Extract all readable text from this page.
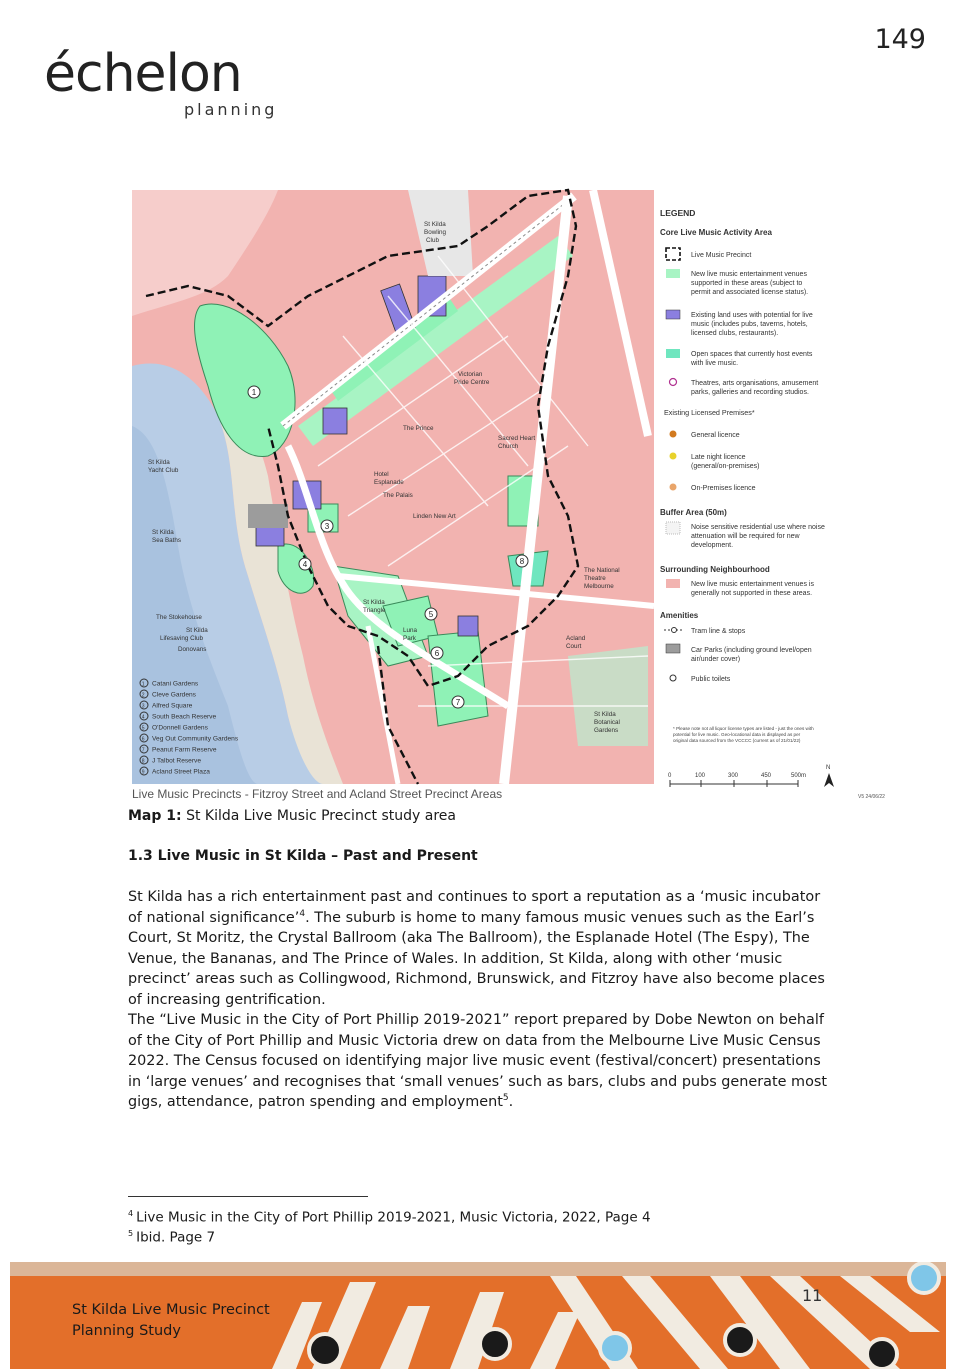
149
échelon
planning
1
3
4
5
6
7
8
St Kilda
Bowling
Club
St Kilda
Yacht Club
St Kilda
Sea Baths
The Stokehouse
St Kilda
Lifesaving Club
Donovans
The Prince
Victorian
Pride Centre
Sacred Heart
Church
Hotel
Esplanade
The Palais
Linden New Art
The National
Theatre
Melbourne
St Kilda
Triangle
Luna
Park	Acland
Court
St Kilda
Botanical
Gardens
1 Catani Gardens
2 Cleve Gardens
3 Alfred Square
4 South Beach Reserve
5 O'Donnell Gardens
6 Veg Out Community Gardens
7 Peanut Farm Reserve
8 J Talbot Reserve
9 Acland Street Plaza
Live Music Precincts - Fitzroy Street and Acland Street Precinct Areas	V5 24/06/22
LEGEND
Core Live Music Activity Area
Live Music Precinct
New live music entertainment venues
supported in these areas (subject to
permit and associated license status).
Existing land uses with potential for live
music (includes pubs, taverns, hotels,
licensed clubs, restaurants).
Open spaces that currently host events
with live music.
Theatres, arts organisations, amusement
parks, galleries and recording studios.
Existing Licensed Premises*
General licence
Late night licence
(general/on-premises)
On-Premises licence
Buffer Area (50m)
Noise sensitive residential use where noise
attenuation will be required for new
development.
Surrounding Neighbourhood
New live music entertainment venues is
generally not supported in these areas.
Amenities
Tram line & stops
Car Parks (including ground level/open
air/under cover)
Public toilets
* Please note not all liquor license types are listed - just the ones with
potential for live music. Geo-locational data is displayed as per
original data sourced from the VCCCC (current as of 21/01/22)
0	100	300	450	500m
N
Map 1: St Kilda Live Music Precinct study area
1.3 Live Music in St Kilda – Past and Present

St Kilda has a rich entertainment past and continues to sport a reputation as a ‘music incubator of national significance’$^4$. The suburb is home to many famous music venues such as the Earl’s Court, St Moritz, the Crystal Ballroom (aka The Ballroom), the Esplanade Hotel (The Espy), The Venue, the Bananas, and The Prince of Wales. In addition, St Kilda, along with other ‘music precinct’ areas such as Collingwood, Richmond, Brunswick, and Fitzroy have also become places of increasing gentrification.

The “Live Music in the City of Port Phillip 2019-2021” report prepared by Dobe Newton on behalf of the City of Port Phillip and Music Victoria drew on data from the Melbourne Live Music Census 2022. The Census focused on identifying major live music event (festival/concert) presentations in ‘large venues’ and recognises that ‘small venues’ such as bars, clubs and pubs generate most gigs, attendance, patron spending and employment$^5$.

$^4$ Live Music in the City of Port Phillip 2019-2021, Music Victoria, 2022, Page 4
$^5$ Ibid. Page 7
St Kilda Live Music Precinct
Planning Study
11
